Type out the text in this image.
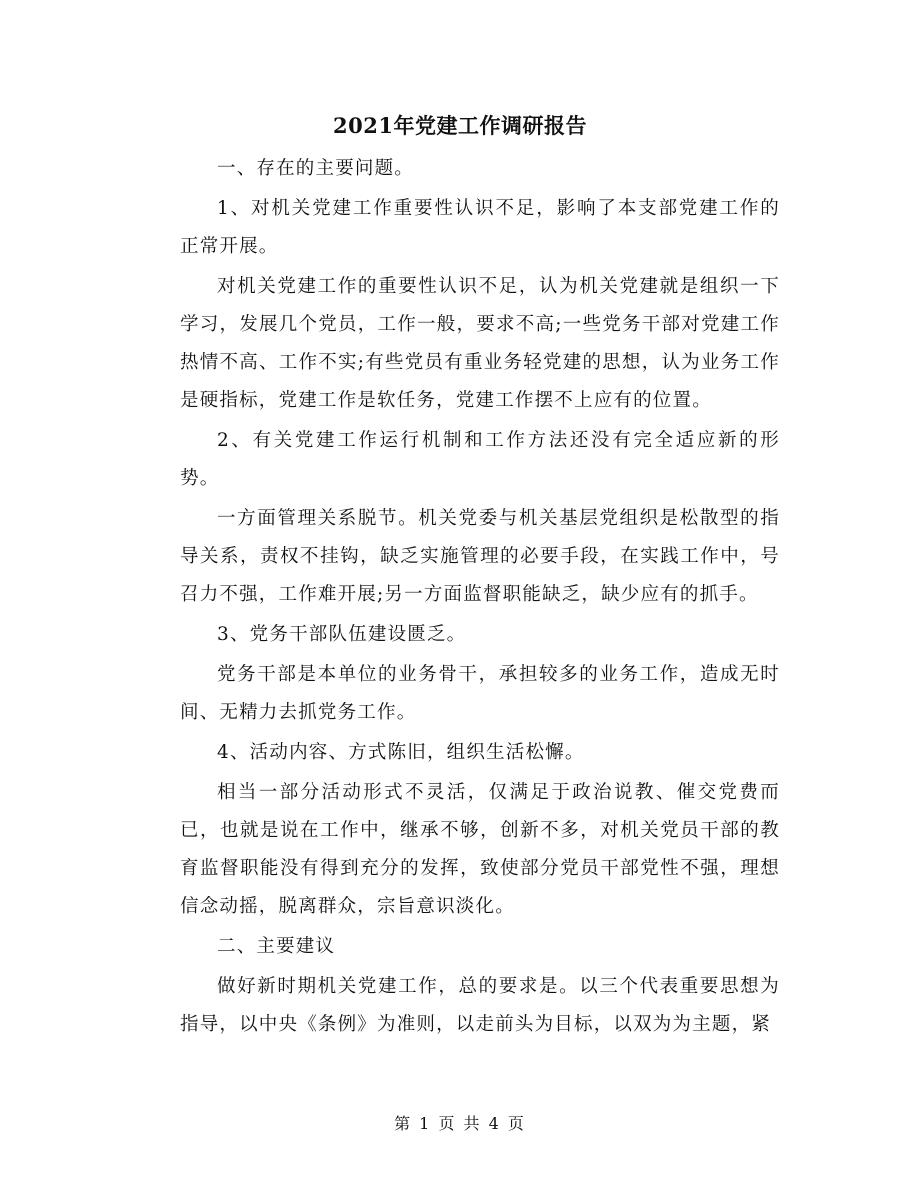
2021年党建工作调研报告

一、存在的主要问题。

1、对机关党建工作重要性认识不足，影响了本支部党建工作的正常开展。

对机关党建工作的重要性认识不足，认为机关党建就是组织一下学习，发展几个党员，工作一般，要求不高;一些党务干部对党建工作热情不高、工作不实;有些党员有重业务轻党建的思想，认为业务工作是硬指标，党建工作是软任务，党建工作摆不上应有的位置。

2、有关党建工作运行机制和工作方法还没有完全适应新的形势。

一方面管理关系脱节。机关党委与机关基层党组织是松散型的指导关系，责权不挂钩，缺乏实施管理的必要手段，在实践工作中，号召力不强，工作难开展;另一方面监督职能缺乏，缺少应有的抓手。

3、党务干部队伍建设匮乏。

党务干部是本单位的业务骨干，承担较多的业务工作，造成无时间、无精力去抓党务工作。

4、活动内容、方式陈旧，组织生活松懈。

相当一部分活动形式不灵活，仅满足于政治说教、催交党费而已，也就是说在工作中，继承不够，创新不多，对机关党员干部的教育监督职能没有得到充分的发挥，致使部分党员干部党性不强，理想信念动摇，脱离群众，宗旨意识淡化。

二、主要建议

做好新时期机关党建工作，总的要求是。以三个代表重要思想为指导，以中央《条例》为准则，以走前头为目标，以双为为主题，紧

第 1 页 共 4 页
